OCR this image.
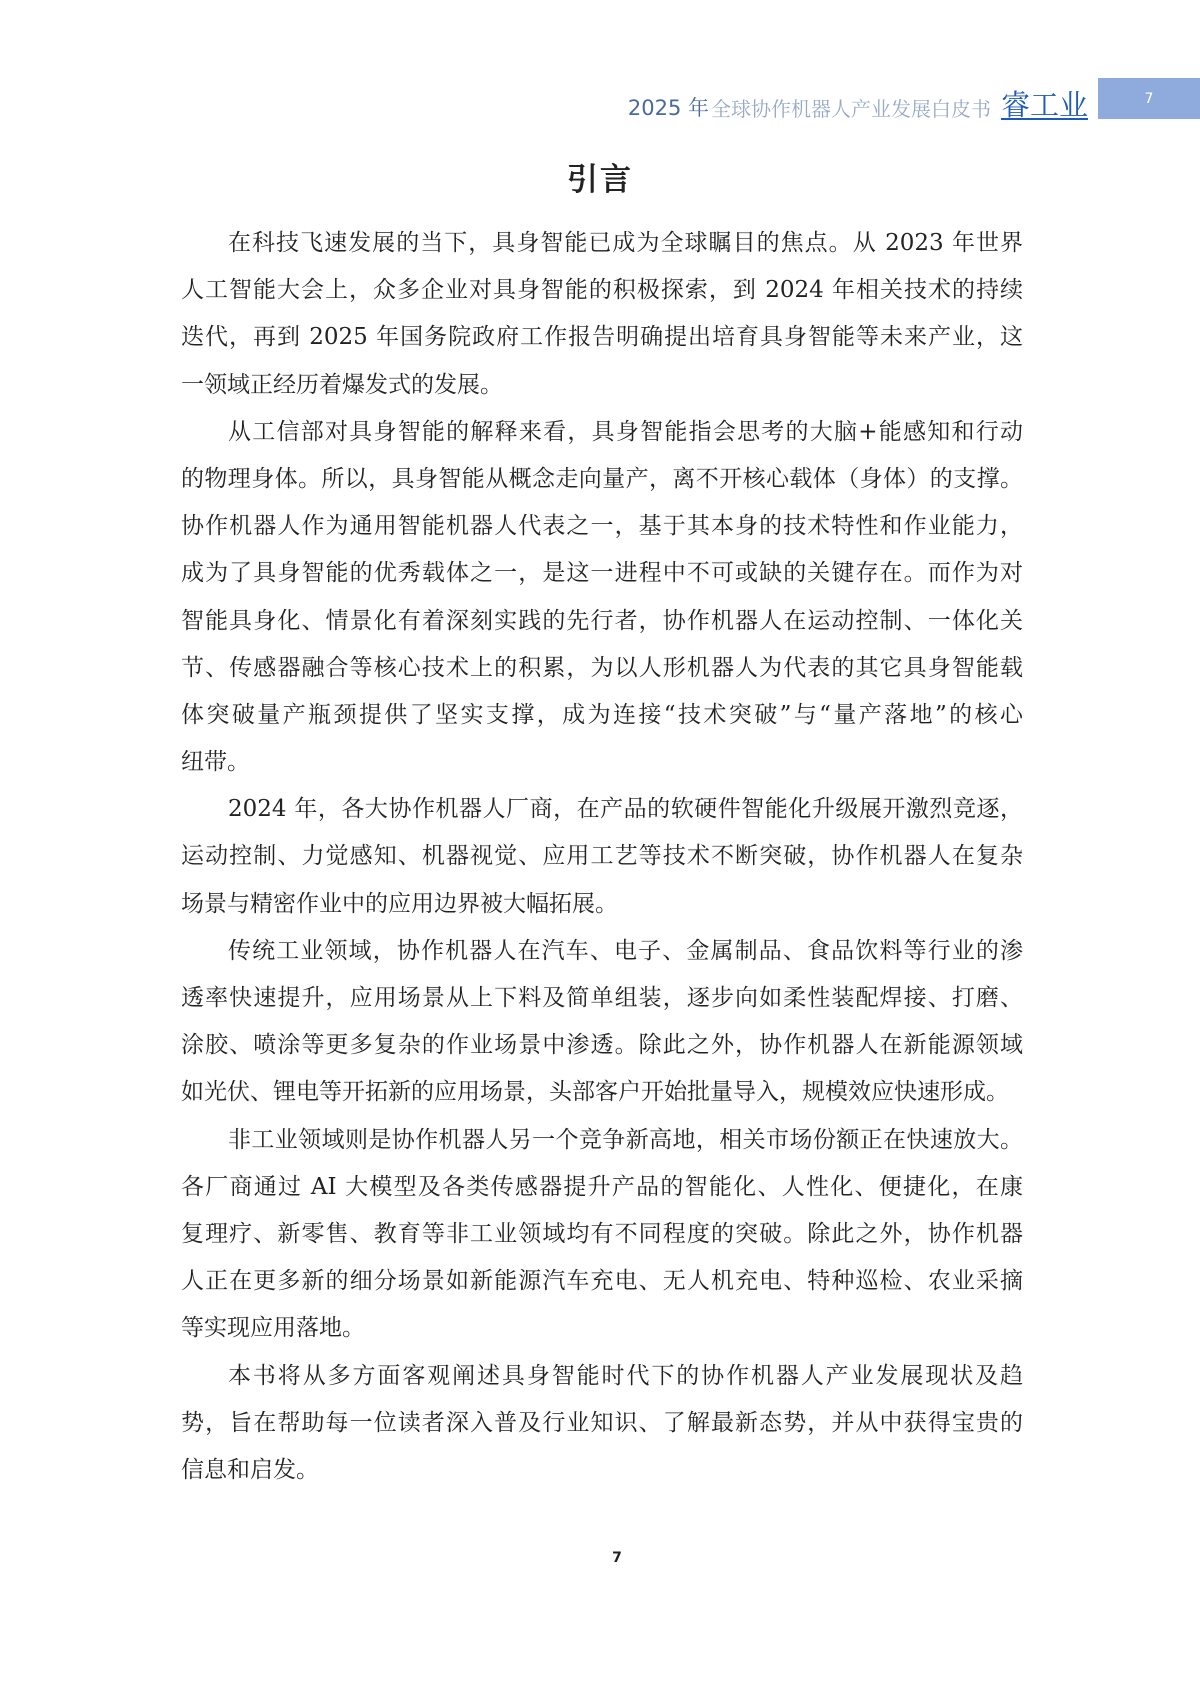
2025 年 全球协作机器人产业发展白皮书 睿工业	7
引言
在科技飞速发展的当下，具身智能已成为全球瞩目的焦点。从 2023 年世界
人工智能大会上，众多企业对具身智能的积极探索，到 2024 年相关技术的持续
迭代，再到 2025 年国务院政府工作报告明确提出培育具身智能等未来产业，这
一领域正经历着爆发式的发展。
从工信部对具身智能的解释来看，具身智能指会思考的大脑+能感知和行动
的物理身体。所以，具身智能从概念走向量产，离不开核心载体（身体）的支撑。
协作机器人作为通用智能机器人代表之一，基于其本身的技术特性和作业能力，
成为了具身智能的优秀载体之一，是这一进程中不可或缺的关键存在。而作为对
智能具身化、情景化有着深刻实践的先行者，协作机器人在运动控制、一体化关
节、传感器融合等核心技术上的积累，为以人形机器人为代表的其它具身智能载
体突破量产瓶颈提供了坚实支撑，成为连接“技术突破”与“量产落地”的核心
纽带。
2024 年，各大协作机器人厂商，在产品的软硬件智能化升级展开激烈竞逐，
运动控制、力觉感知、机器视觉、应用工艺等技术不断突破，协作机器人在复杂
场景与精密作业中的应用边界被大幅拓展。
传统工业领域，协作机器人在汽车、电子、金属制品、食品饮料等行业的渗
透率快速提升，应用场景从上下料及简单组装，逐步向如柔性装配焊接、打磨、
涂胶、喷涂等更多复杂的作业场景中渗透。除此之外，协作机器人在新能源领域
如光伏、锂电等开拓新的应用场景，头部客户开始批量导入，规模效应快速形成。
非工业领域则是协作机器人另一个竞争新高地，相关市场份额正在快速放大。
各厂商通过 AI 大模型及各类传感器提升产品的智能化、人性化、便捷化，在康
复理疗、新零售、教育等非工业领域均有不同程度的突破。除此之外，协作机器
人正在更多新的细分场景如新能源汽车充电、无人机充电、特种巡检、农业采摘
等实现应用落地。
本书将从多方面客观阐述具身智能时代下的协作机器人产业发展现状及趋
势，旨在帮助每一位读者深入普及行业知识、了解最新态势，并从中获得宝贵的
信息和启发。
7
